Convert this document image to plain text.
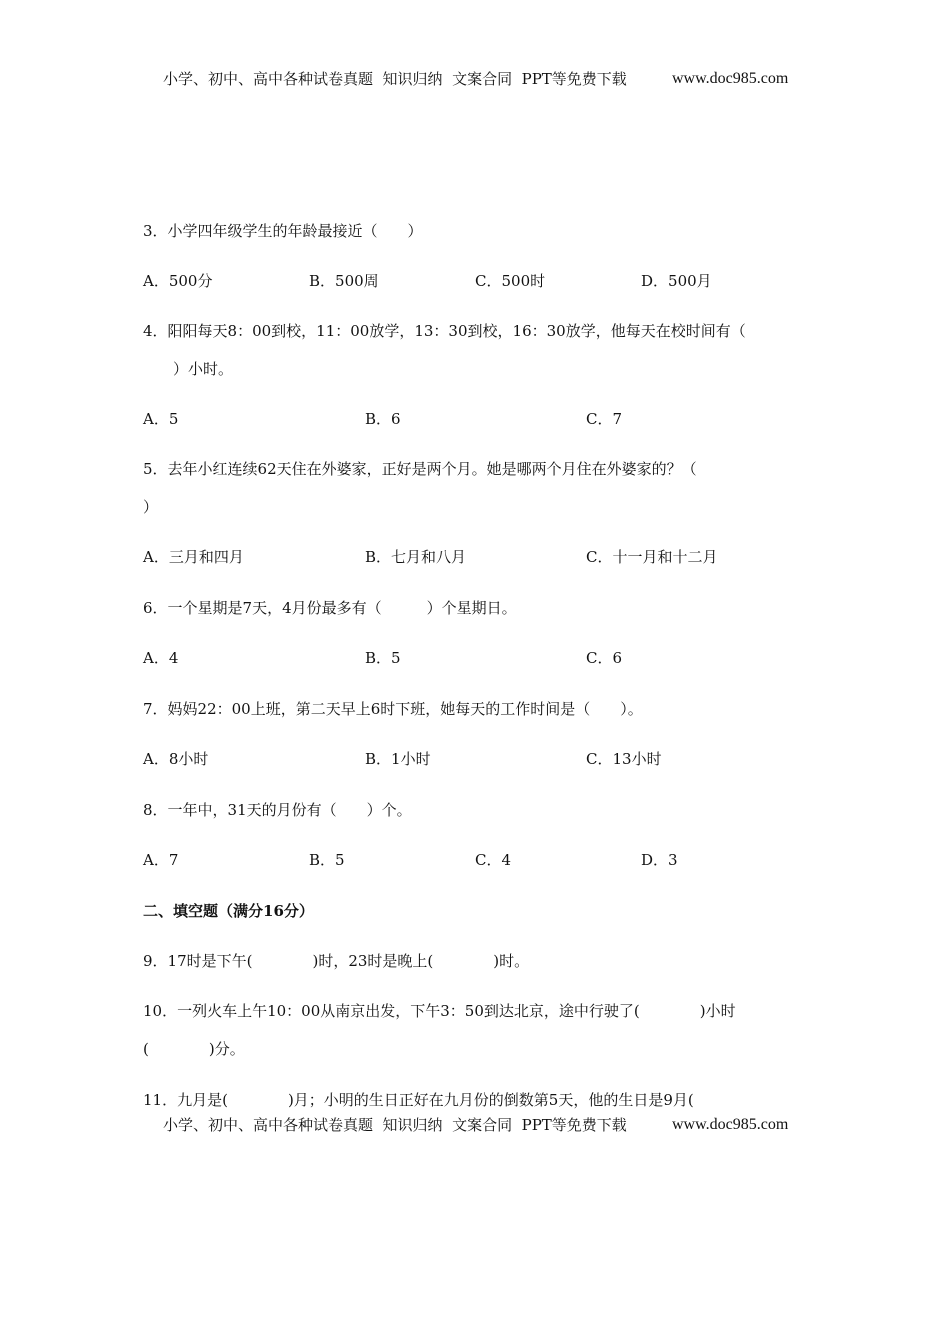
小学、初中、高中各种试卷真题  知识归纳  文案合同  PPT等免费下载	www.doc985.com
3．小学四年级学生的年龄最接近（　　）
A．500分	B．500周	C．500时	D．500月
4．阳阳每天8：00到校，11：00放学，13：30到校，16：30放学，他每天在校时间有（
　　）小时。
A．5	B．6	C．7
5．去年小红连续62天住在外婆家，正好是两个月。她是哪两个月住在外婆家的？（
）
A．三月和四月	B．七月和八月	C．十一月和十二月
6．一个星期是7天，4月份最多有（　　　）个星期日。
A．4	B．5	C．6
7．妈妈22：00上班，第二天早上6时下班，她每天的工作时间是（　　）。
A．8小时	B．1小时	C．13小时
8．一年中，31天的月份有（　　）个。
A．7	B．5	C．4	D．3
9．17时是下午(　　　　)时，23时是晚上(　　　　)时。
10．一列火车上午10：00从南京出发，下午3：50到达北京，途中行驶了(　　　　)小时
(　　　　)分。
11．九月是(　　　　)月；小明的生日正好在九月份的倒数第5天，他的生日是9月(
二、填空题（满分16分）
小学、初中、高中各种试卷真题  知识归纳  文案合同  PPT等免费下载	www.doc985.com
